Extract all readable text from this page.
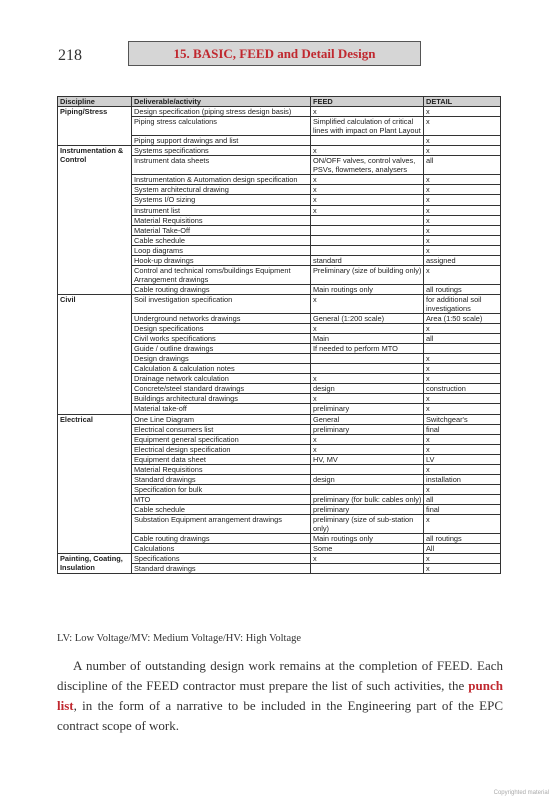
218	15. BASIC, FEED and Detail Design
Discipline	Deliverable/activity	FEED	DETAIL
Piping/Stress	Design specification (piping stress design basis)	x	x
	Piping stress calculations	Simplified calculation of critical lines with impact on Plant Layout	x
	Piping support drawings and list		x
Instrumentation & Control	Systems specifications	x	x
	Instrument data sheets	ON/OFF valves, control valves, PSVs, flowmeters, analysers	all
	Instrumentation & Automation design specification	x	x
	System architectural drawing	x	x
	Systems I/O sizing	x	x
	Instrument list	x	x
	Material Requisitions		x
	Material Take-Off		x
	Cable schedule		x
	Loop diagrams		x
	Hook-up drawings	standard	assigned
	Control and technical roms/buildings Equipment Arrangement drawings	Preliminary (size of building only)	x
	Cable routing drawings	Main routings only	all routings
Civil	Soil investigation specification	x	for additional soil investigations
	Underground networks drawings	General (1:200 scale)	Area (1:50 scale)
	Design specifications	x	x
	Civil works specifications	Main	all
	Guide / outline drawings	If needed to perform MTO	
	Design drawings		x
	Calculation & calculation notes		x
	Drainage network calculation	x	x
	Concrete/steel standard drawings	design	construction
	Buildings architectural drawings	x	x
	Material take-off	preliminary	x
Electrical	One Line Diagram	General	Switchgear's
	Electrical consumers list	preliminary	final
	Equipment general specification	x	x
	Electrical design specification	x	x
	Equipment data sheet	HV, MV	LV
	Material Requisitions		x
	Standard drawings	design	installation
	Specification for bulk		x
	MTO	preliminary (for bulk: cables only)	all
	Cable schedule	preliminary	final
	Substation Equipment arrangement drawings	preliminary (size of sub-station only)	x
	Cable routing drawings	Main routings only	all routings
	Calculations	Some	All
Painting, Coating, Insulation	Specifications	x	x
	Standard drawings		x
LV: Low Voltage/MV: Medium Voltage/HV: High Voltage
A number of outstanding design work remains at the completion of FEED. Each discipline of the FEED contractor must prepare the list of such activities, the punch list, in the form of a narrative to be included in the Engineering part of the EPC contract scope of work.
Copyrighted material
